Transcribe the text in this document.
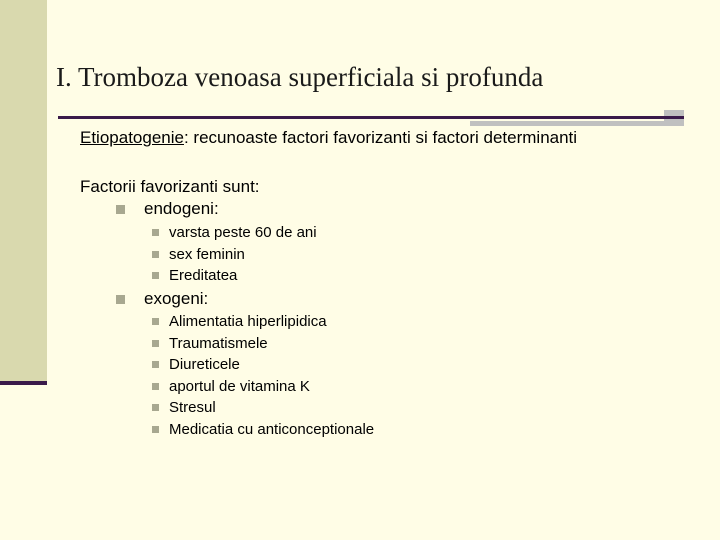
I. Tromboza venoasa superficiala si profunda
Etiopatogenie: recunoaste factori favorizanti si factori determinanti
Factorii favorizanti sunt:
endogeni:
varsta peste 60 de ani
sex feminin
Ereditatea
exogeni:
Alimentatia hiperlipidica
Traumatismele
Diureticele
aportul de vitamina K
Stresul
Medicatia cu anticonceptionale
